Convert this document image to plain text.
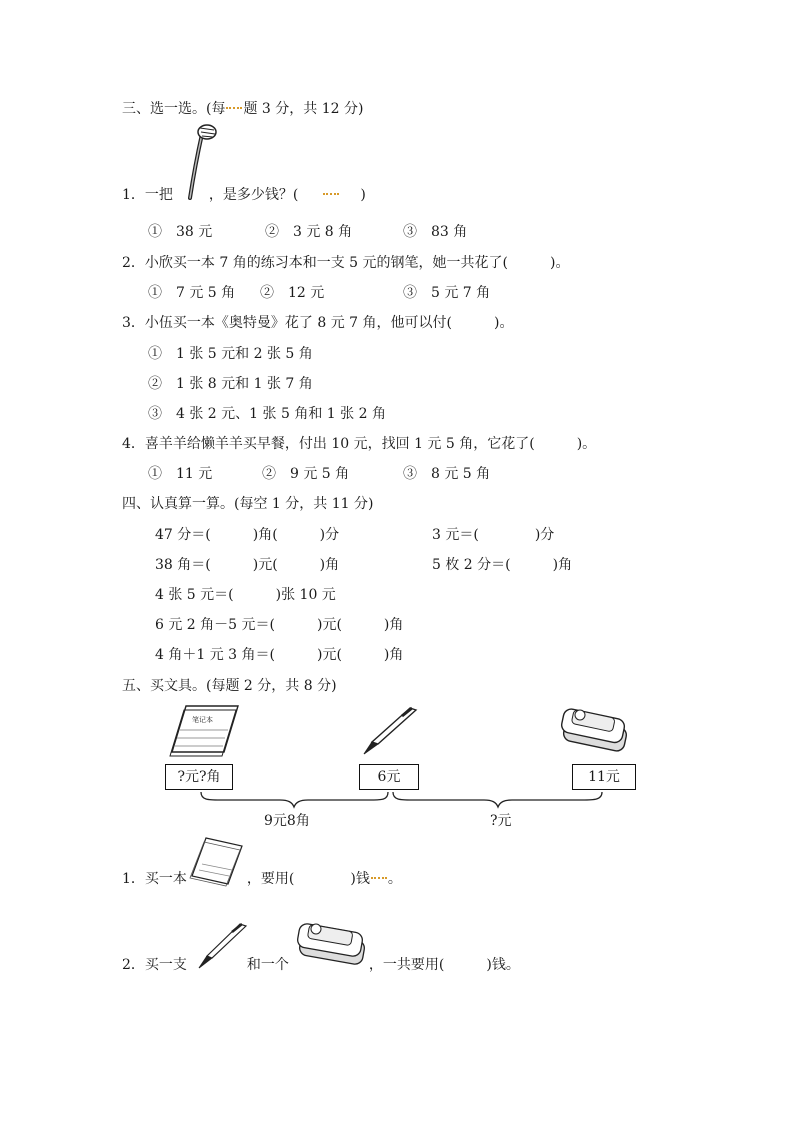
三、选一选。(每 题 3 分，共 12 分)
1．一把	，是多少钱？(	)
①　38 元	②　3 元 8 角	③　83 角
2．小欣买一本 7 角的练习本和一支 5 元的钢笔，她一共花了(　　　)。
①　7 元 5 角 ②　12 元	③　5 元 7 角
3．小伍买一本《奥特曼》花了 8 元 7 角，他可以付(　　　)。
①　1 张 5 元和 2 张 5 角
②　1 张 8 元和 1 张 7 角
③　4 张 2 元、1 张 5 角和 1 张 2 角
4．喜羊羊给懒羊羊买早餐，付出 10 元，找回 1 元 5 角，它花了(　　　)。
①　11 元	②　9 元 5 角	③　8 元 5 角
四、认真算一算。(每空 1 分，共 11 分)
47 分＝(　　　)角(　　　)分	3 元＝(　　　　)分
38 角＝(　　　)元(　　　)角	5 枚 2 分＝(　　　)角
4 张 5 元＝(　　　)张 10 元
6 元 2 角－5 元＝(　　　)元(　　　)角
4 角＋1 元 3 角＝(　　　)元(　　　)角
五、买文具。(每题 2 分，共 8 分)
笔记本
?元?角	6元	11元
9元8角	?元
1．买一本	，要用(　　　　)钱 。
2．买一支	和一个	，一共要用(　　　)钱。
